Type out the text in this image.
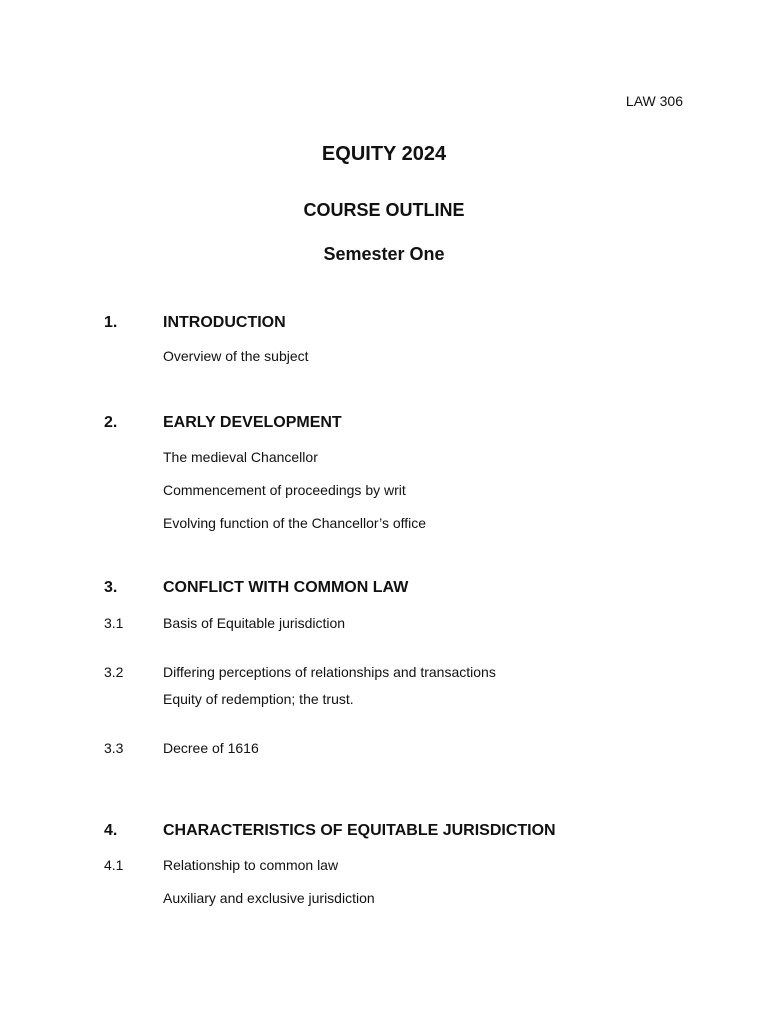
LAW 306
EQUITY 2024
COURSE OUTLINE
Semester One
1.	INTRODUCTION
Overview of the subject
2.	EARLY DEVELOPMENT
The medieval Chancellor
Commencement of proceedings by writ
Evolving function of the Chancellor’s office
3.	CONFLICT WITH COMMON LAW
3.1	Basis of Equitable jurisdiction
3.2	Differing perceptions of relationships and transactions
Equity of redemption; the trust.
3.3	Decree of 1616
4.	CHARACTERISTICS OF EQUITABLE JURISDICTION
4.1	Relationship to common law
Auxiliary and exclusive jurisdiction
